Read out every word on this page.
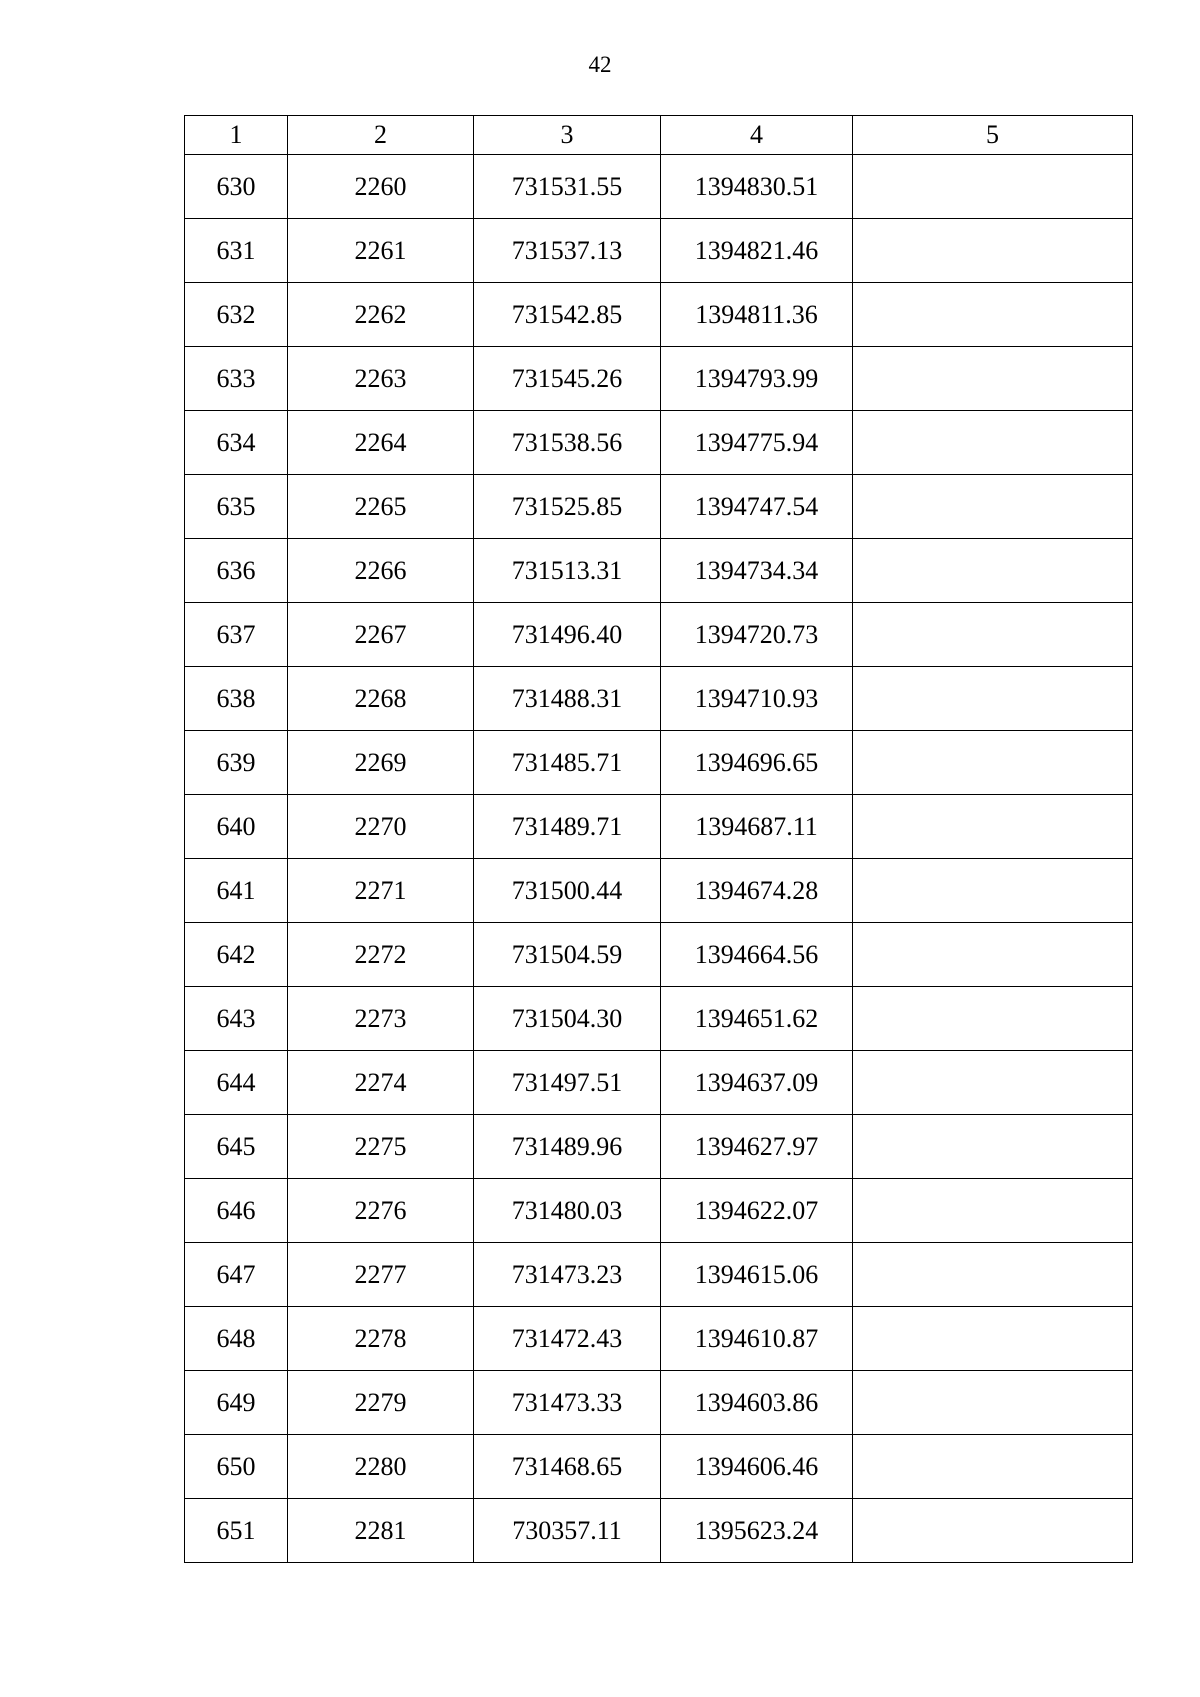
42
1	2	3	4	5
630	2260	731531.55	1394830.51	
631	2261	731537.13	1394821.46	
632	2262	731542.85	1394811.36	
633	2263	731545.26	1394793.99	
634	2264	731538.56	1394775.94	
635	2265	731525.85	1394747.54	
636	2266	731513.31	1394734.34	
637	2267	731496.40	1394720.73	
638	2268	731488.31	1394710.93	
639	2269	731485.71	1394696.65	
640	2270	731489.71	1394687.11	
641	2271	731500.44	1394674.28	
642	2272	731504.59	1394664.56	
643	2273	731504.30	1394651.62	
644	2274	731497.51	1394637.09	
645	2275	731489.96	1394627.97	
646	2276	731480.03	1394622.07	
647	2277	731473.23	1394615.06	
648	2278	731472.43	1394610.87	
649	2279	731473.33	1394603.86	
650	2280	731468.65	1394606.46	
651	2281	730357.11	1395623.24	
